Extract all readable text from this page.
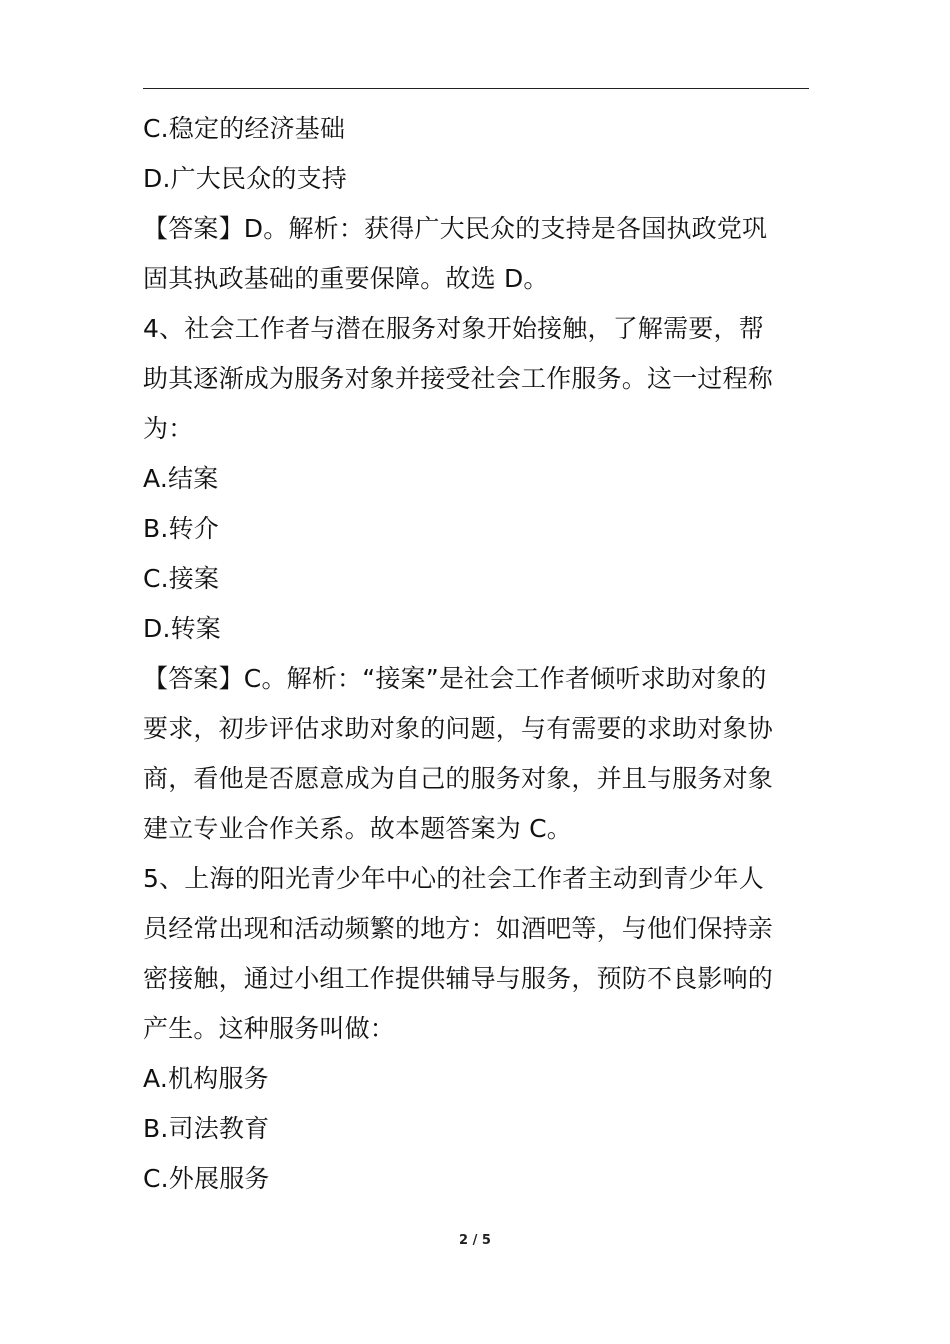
C.稳定的经济基础
D.广大民众的支持
【答案】D。解析：获得广大民众的支持是各国执政党巩
固其执政基础的重要保障。故选 D。
4、社会工作者与潜在服务对象开始接触，了解需要，帮
助其逐渐成为服务对象并接受社会工作服务。这一过程称
为：
A.结案
B.转介
C.接案
D.转案
【答案】C。解析：“接案”是社会工作者倾听求助对象的
要求，初步评估求助对象的问题，与有需要的求助对象协
商，看他是否愿意成为自己的服务对象，并且与服务对象
建立专业合作关系。故本题答案为 C。
5、上海的阳光青少年中心的社会工作者主动到青少年人
员经常出现和活动频繁的地方：如酒吧等，与他们保持亲
密接触，通过小组工作提供辅导与服务，预防不良影响的
产生。这种服务叫做：
A.机构服务
B.司法教育
C.外展服务
2 / 5
